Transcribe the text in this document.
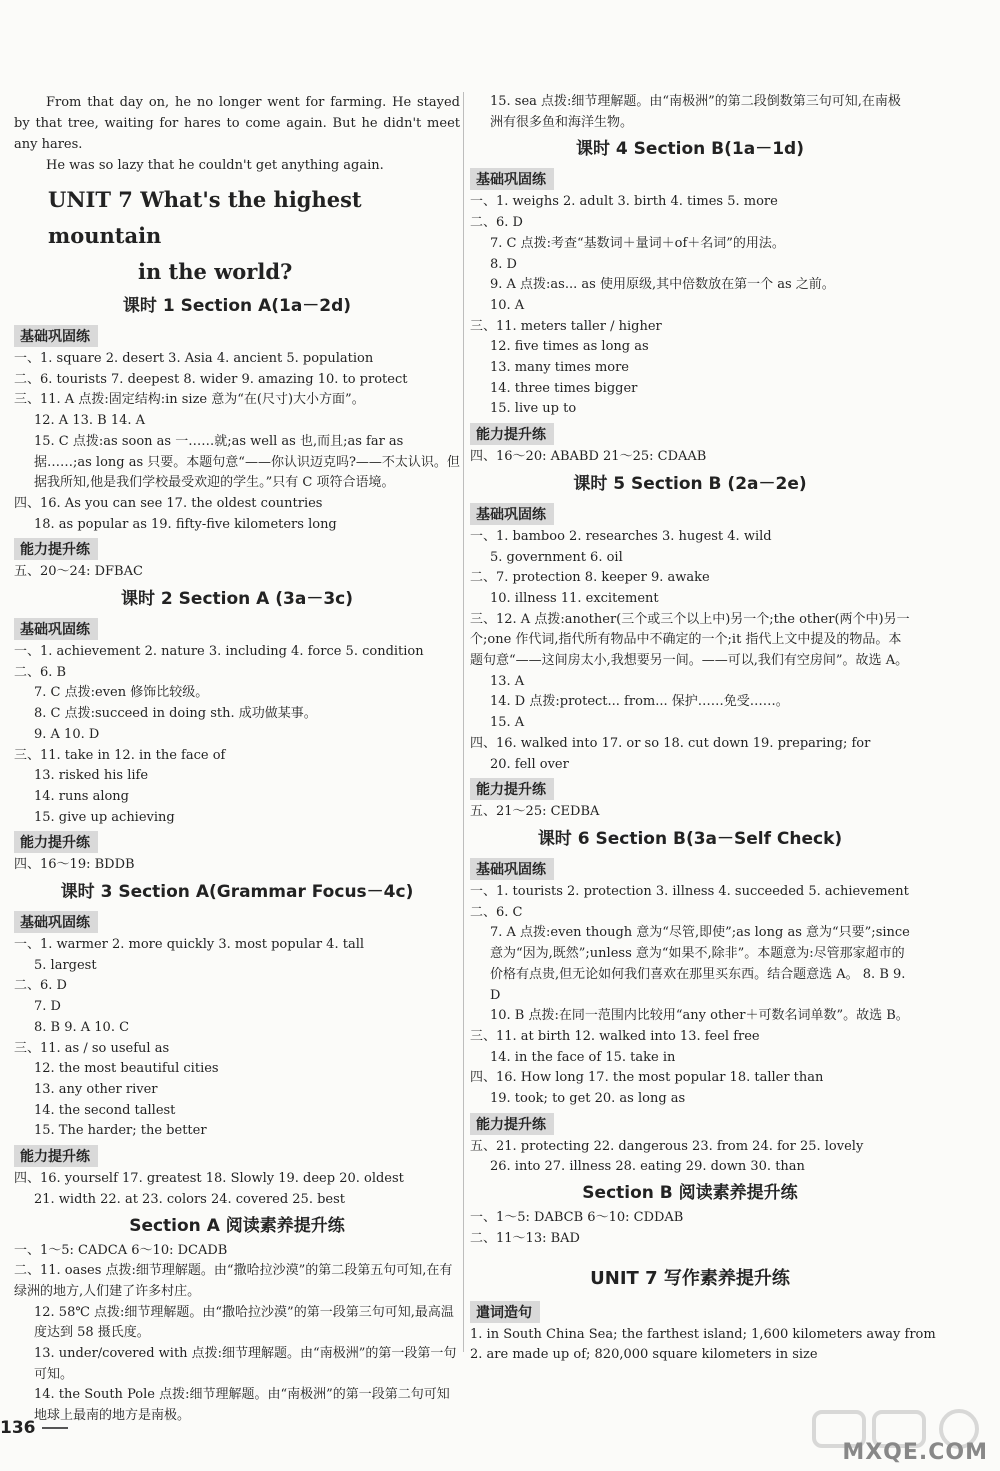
From that day on, he no longer went for farming. He stayed by that tree, waiting for hares to come again. But he didn't meet any hares.

He was so lazy that he couldn't get anything again.

UNIT 7 What's the highest mountain
in the world?
课时 1 Section A(1a－2d)
基础巩固练
一、1. square 2. desert 3. Asia 4. ancient 5. population
二、6. tourists 7. deepest 8. wider 9. amazing 10. to protect
三、11. A 点拨:固定结构:in size 意为“在(尺寸)大小方面”。
12. A 13. B 14. A
15. C 点拨:as soon as 一……就;as well as 也,而且;as far as 据……;as long as 只要。本题句意“——你认识迈克吗?——不太认识。但据我所知,他是我们学校最受欢迎的学生。”只有 C 项符合语境。
四、16. As you can see 17. the oldest countries
18. as popular as 19. fifty-five kilometers long
能力提升练
五、20～24: DFBAC
课时 2 Section A (3a－3c)
基础巩固练
一、1. achievement 2. nature 3. including 4. force 5. condition
二、6. B
7. C 点拨:even 修饰比较级。
8. C 点拨:succeed in doing sth. 成功做某事。
9. A 10. D
三、11. take in 12. in the face of
13. risked his life
14. runs along
15. give up achieving
能力提升练
四、16～19: BDDB
课时 3 Section A(Grammar Focus－4c)
基础巩固练
一、1. warmer 2. more quickly 3. most popular 4. tall
5. largest
二、6. D
7. D
8. B 9. A 10. C
三、11. as / so useful as
12. the most beautiful cities
13. any other river
14. the second tallest
15. The harder; the better
能力提升练
四、16. yourself 17. greatest 18. Slowly 19. deep 20. oldest
21. width 22. at 23. colors 24. covered 25. best
Section A 阅读素养提升练
一、1～5: CADCA 6～10: DCADB
二、11. oases 点拨:细节理解题。由“撒哈拉沙漠”的第二段第五句可知,在有绿洲的地方,人们建了许多村庄。
12. 58℃ 点拨:细节理解题。由“撒哈拉沙漠”的第一段第三句可知,最高温度达到 58 摄氏度。
13. under/covered with 点拨:细节理解题。由“南极洲”的第一段第一句可知。
14. the South Pole 点拨:细节理解题。由“南极洲”的第一段第二句可知地球上最南的地方是南极。
15. sea 点拨:细节理解题。由“南极洲”的第二段倒数第三句可知,在南极洲有很多鱼和海洋生物。
课时 4 Section B(1a－1d)
基础巩固练
一、1. weighs 2. adult 3. birth 4. times 5. more
二、6. D
7. C 点拨:考查“基数词＋量词＋of＋名词”的用法。
8. D
9. A 点拨:as... as 使用原级,其中倍数放在第一个 as 之前。
10. A
三、11. meters taller / higher
12. five times as long as
13. many times more
14. three times bigger
15. live up to
能力提升练
四、16～20: ABABD 21～25: CDAAB
课时 5 Section B (2a－2e)
基础巩固练
一、1. bamboo 2. researches 3. hugest 4. wild
5. government 6. oil
二、7. protection 8. keeper 9. awake
10. illness 11. excitement
三、12. A 点拨:another(三个或三个以上中)另一个;the other(两个中)另一个;one 作代词,指代所有物品中不确定的一个;it 指代上文中提及的物品。本题句意“——这间房太小,我想要另一间。——可以,我们有空房间”。故选 A。
13. A
14. D 点拨:protect... from... 保护……免受……。
15. A
四、16. walked into 17. or so 18. cut down 19. preparing; for
20. fell over
能力提升练
五、21～25: CEDBA
课时 6 Section B(3a－Self Check)
基础巩固练
一、1. tourists 2. protection 3. illness 4. succeeded 5. achievement
二、6. C
7. A 点拨:even though 意为“尽管,即使”;as long as 意为“只要”;since 意为“因为,既然”;unless 意为“如果不,除非”。本题意为:尽管那家超市的价格有点贵,但无论如何我们喜欢在那里买东西。结合题意选 A。 8. B 9. D
10. B 点拨:在同一范围内比较用“any other＋可数名词单数”。故选 B。
三、11. at birth 12. walked into 13. feel free
14. in the face of 15. take in
四、16. How long 17. the most popular 18. taller than
19. took; to get 20. as long as
能力提升练
五、21. protecting 22. dangerous 23. from 24. for 25. lovely
26. into 27. illness 28. eating 29. down 30. than
Section B 阅读素养提升练
一、1～5: DABCB 6～10: CDDAB
二、11～13: BAD
UNIT 7 写作素养提升练
遣词造句
1. in South China Sea; the farthest island; 1,600 kilometers away from
2. are made up of; 820,000 square kilometers in size
136
MXQE.COM
